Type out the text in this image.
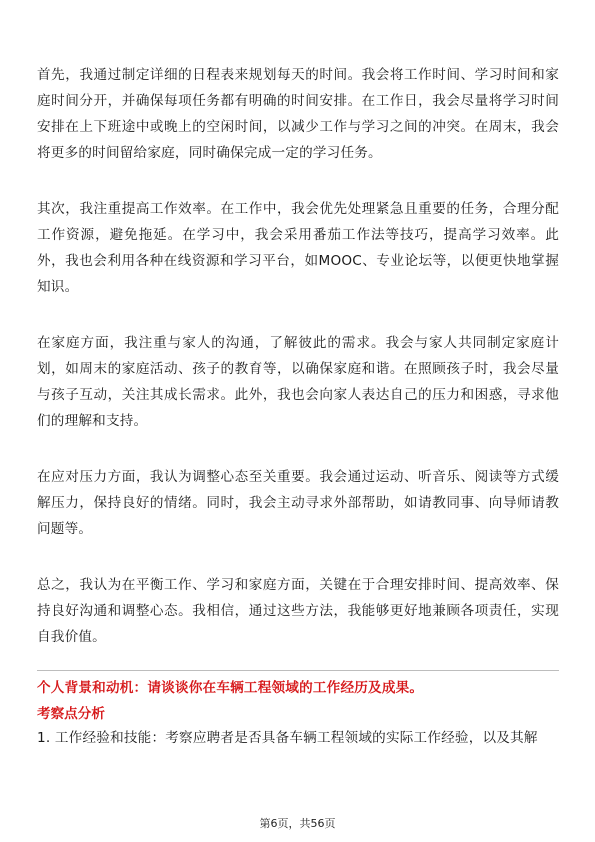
首先，我通过制定详细的日程表来规划每天的时间。我会将工作时间、学习时间和家庭时间分开，并确保每项任务都有明确的时间安排。在工作日，我会尽量将学习时间安排在上下班途中或晚上的空闲时间，以减少工作与学习之间的冲突。在周末，我会将更多的时间留给家庭，同时确保完成一定的学习任务。

其次，我注重提高工作效率。在工作中，我会优先处理紧急且重要的任务，合理分配工作资源，避免拖延。在学习中，我会采用番茄工作法等技巧，提高学习效率。此外，我也会利用各种在线资源和学习平台，如MOOC、专业论坛等，以便更快地掌握知识。

在家庭方面，我注重与家人的沟通，了解彼此的需求。我会与家人共同制定家庭计划，如周末的家庭活动、孩子的教育等，以确保家庭和谐。在照顾孩子时，我会尽量与孩子互动，关注其成长需求。此外，我也会向家人表达自己的压力和困惑，寻求他们的理解和支持。

在应对压力方面，我认为调整心态至关重要。我会通过运动、听音乐、阅读等方式缓解压力，保持良好的情绪。同时，我会主动寻求外部帮助，如请教同事、向导师请教问题等。

总之，我认为在平衡工作、学习和家庭方面，关键在于合理安排时间、提高效率、保持良好沟通和调整心态。我相信，通过这些方法，我能够更好地兼顾各项责任，实现自我价值。

个人背景和动机：请谈谈你在车辆工程领域的工作经历及成果。

考察点分析

1. 工作经验和技能：考察应聘者是否具备车辆工程领域的实际工作经验，以及其解

第6页，共56页
